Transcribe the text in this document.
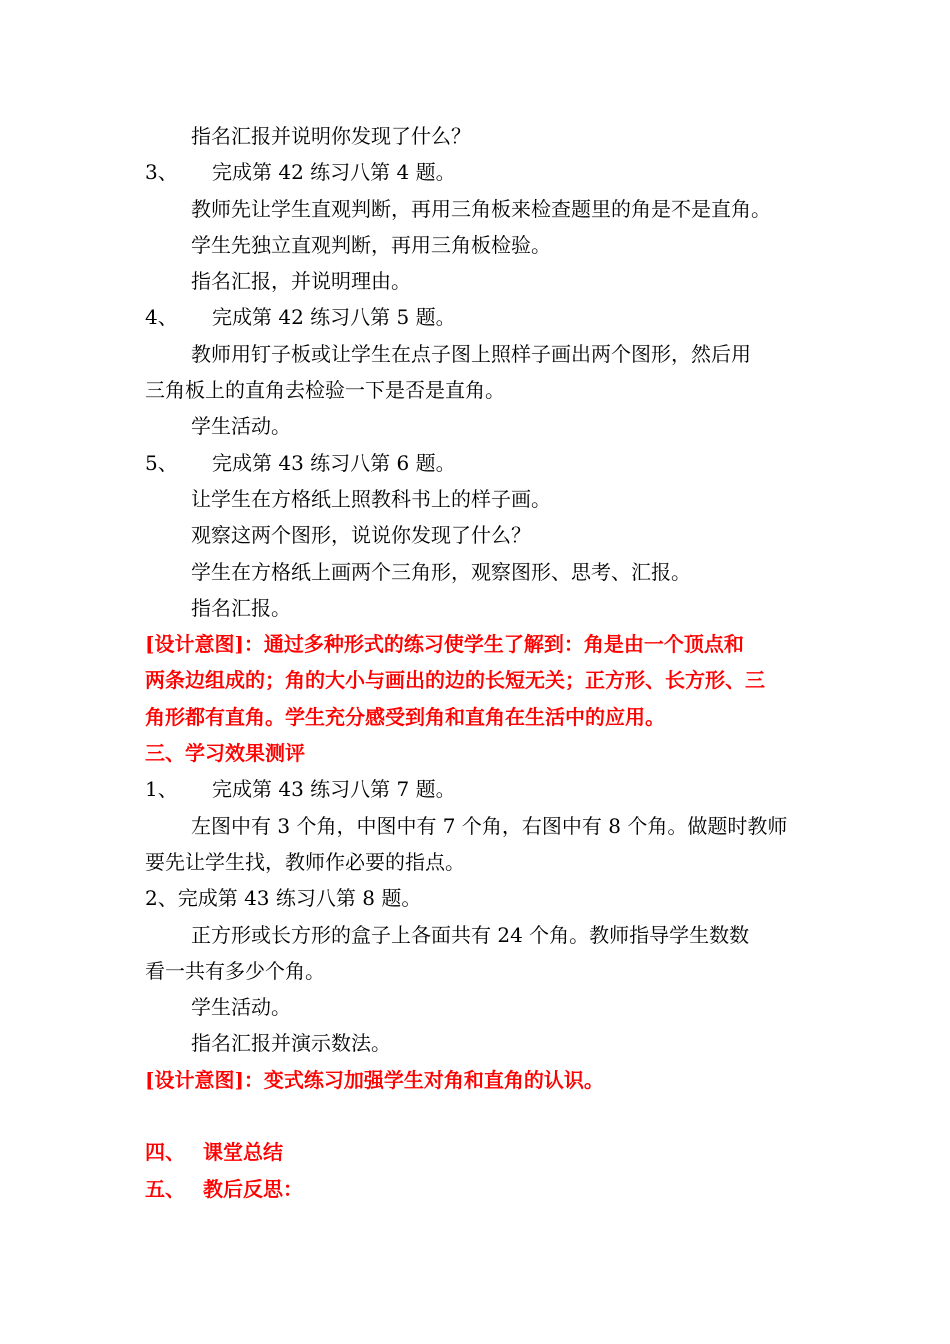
指名汇报并说明你发现了什么？
3、 完成第 42 练习八第 4 题。
教师先让学生直观判断，再用三角板来检查题里的角是不是直角。
学生先独立直观判断，再用三角板检验。
指名汇报，并说明理由。
4、 完成第 42 练习八第 5 题。
教师用钉子板或让学生在点子图上照样子画出两个图形，然后用
三角板上的直角去检验一下是否是直角。
学生活动。
5、 完成第 43 练习八第 6 题。
让学生在方格纸上照教科书上的样子画。
观察这两个图形，说说你发现了什么？
学生在方格纸上画两个三角形，观察图形、思考、汇报。
指名汇报。
[设计意图]：通过多种形式的练习使学生了解到：角是由一个顶点和
两条边组成的；角的大小与画出的边的长短无关；正方形、长方形、三
角形都有直角。学生充分感受到角和直角在生活中的应用。
三、学习效果测评
1、 完成第 43 练习八第 7 题。
左图中有 3 个角，中图中有 7 个角，右图中有 8 个角。做题时教师
要先让学生找，教师作必要的指点。
2、完成第 43 练习八第 8 题。
正方形或长方形的盒子上各面共有 24 个角。教师指导学生数数
看一共有多少个角。
学生活动。
指名汇报并演示数法。
[设计意图]：变式练习加强学生对角和直角的认识。
四、 课堂总结
五、 教后反思：
